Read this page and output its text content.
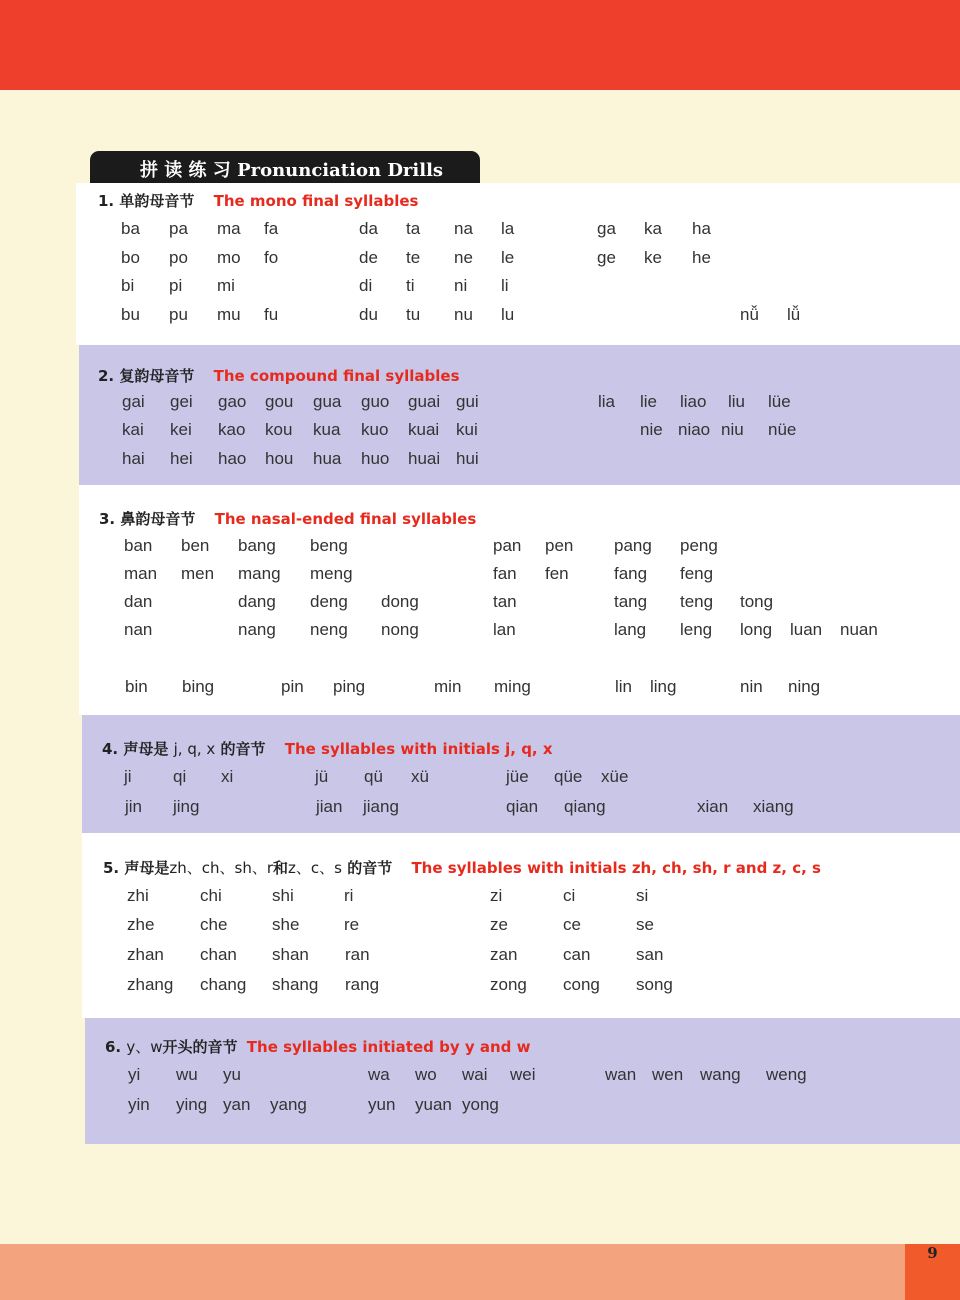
拼 读 练 习 Pronunciation Drills
1. 单韵母音节 The mono final syllables
2. 复韵母音节 The compound final syllables
3. 鼻韵母音节 The nasal-ended final syllables
4. 声母是 j, q, x 的音节 The syllables with initials j, q, x
5. 声母是zh、ch、sh、r和z、c、s 的音节 The syllables with initials zh, ch, sh, r and z, c, s
6. y、w开头的音节 The syllables initiated by y and w
ba pa ma fa	da ta na la	ga ka ha
bo po mo fo	de te ne le	ge ke he
bi pi mi	di ti ni li
bu pu mu fu	du tu nu lu	nǚ lǚ
gai gei gao gou gua guo guai gui	lia lie liao liu lüe
kai kei kao kou kua kuo kuai kui	nie niao niu nüe
hai hei hao hou hua huo huai hui
ban ben bang beng	pan pen pang peng
man men mang meng	fan fen	fang feng
dan	dang deng dong	tan	tang teng tong
nan	nang neng nong	lan	lang leng long luan nuan
bin bing	pin ping	min ming	lin ling	nin ning
ji qi xi	jü qü xü	jüe qüe xüe
jin jing	jian jiang	qian qiang	xian xiang
zhi	chi	shi	ri	zi	ci	si
zhe	che	she	re	ze	ce	se
zhan chan shan ran	zan	can	san
zhang chang shang rang	zong cong song
yi wu yu	wa wo wai wei	wan wen wang weng
yin ying yan yang	yun yuan yong
9
